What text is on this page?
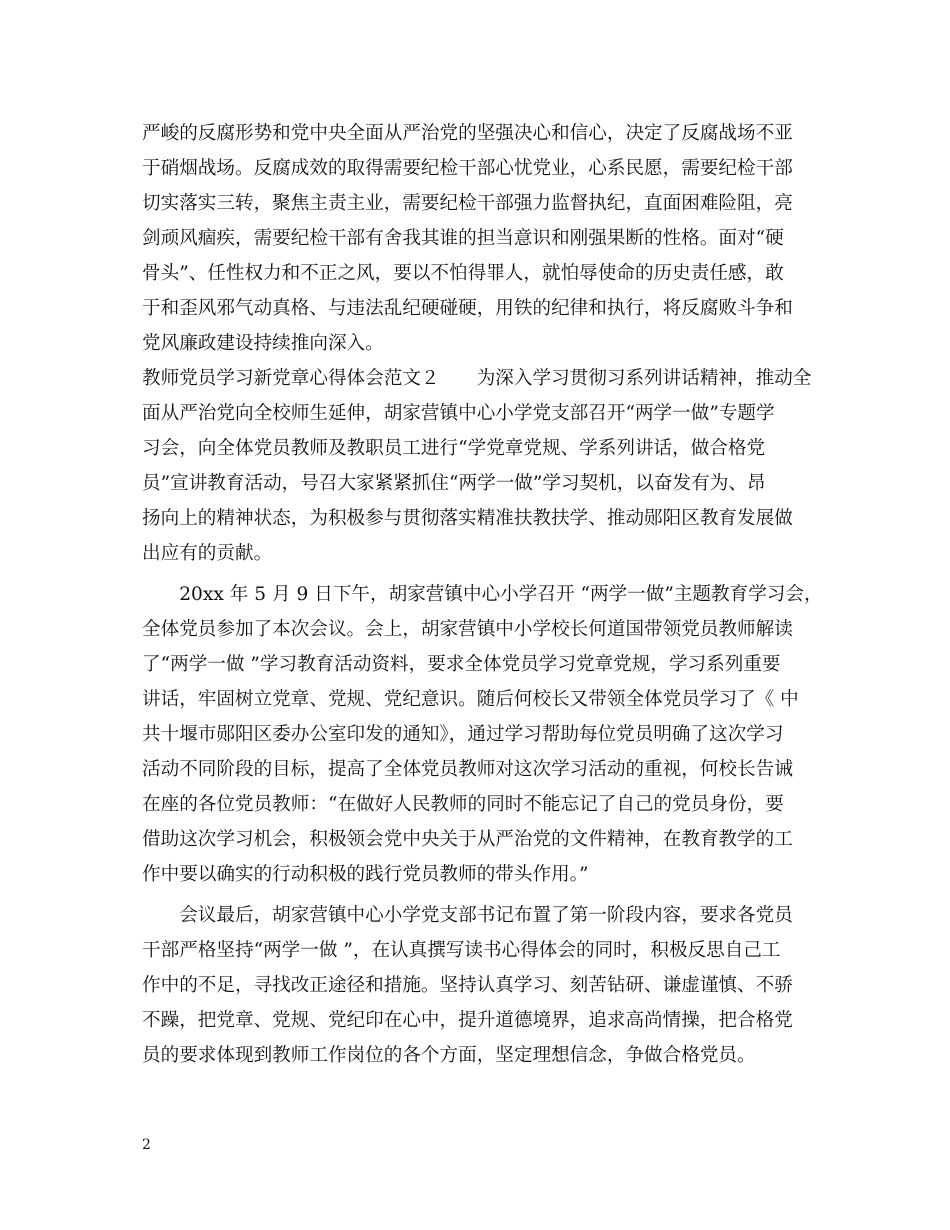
严峻的反腐形势和党中央全面从严治党的坚强决心和信心，决定了反腐战场不亚
于硝烟战场。反腐成效的取得需要纪检干部心忧党业，心系民愿，需要纪检干部
切实落实三转，聚焦主责主业，需要纪检干部强力监督执纪，直面困难险阻，亮
剑顽风痼疾，需要纪检干部有舍我其谁的担当意识和刚强果断的性格。面对“硬
骨头”、任性权力和不正之风，要以不怕得罪人，就怕辱使命的历史责任感，敢
于和歪风邪气动真格、与违法乱纪硬碰硬，用铁的纪律和执行，将反腐败斗争和
党风廉政建设持续推向深入。
教师党员学习新党章心得体会范文２　　为深入学习贯彻习系列讲话精神，推动全
面从严治党向全校师生延伸，胡家营镇中心小学党支部召开“两学一做”专题学
习会，向全体党员教师及教职员工进行“学党章党规、学系列讲话，做合格党
员”宣讲教育活动，号召大家紧紧抓住“两学一做”学习契机，以奋发有为、昂
扬向上的精神状态，为积极参与贯彻落实精准扶教扶学、推动郧阳区教育发展做
出应有的贡献。
　　20xx 年 5 月 9 日下午，胡家营镇中心小学召开 “两学一做”主题教育学习会，
全体党员参加了本次会议。会上，胡家营镇中小学校长何道国带领党员教师解读
了“两学一做 ”学习教育活动资料，要求全体党员学习党章党规，学习系列重要
讲话，牢固树立党章、党规、党纪意识。随后何校长又带领全体党员学习了《 中
共十堰市郧阳区委办公室印发的通知》，通过学习帮助每位党员明确了这次学习
活动不同阶段的目标，提高了全体党员教师对这次学习活动的重视，何校长告诫
在座的各位党员教师：“在做好人民教师的同时不能忘记了自己的党员身份，要
借助这次学习机会，积极领会党中央关于从严治党的文件精神，在教育教学的工
作中要以确实的行动积极的践行党员教师的带头作用。”
　　会议最后，胡家营镇中心小学党支部书记布置了第一阶段内容，要求各党员
干部严格坚持“两学一做 ”，在认真撰写读书心得体会的同时，积极反思自己工
作中的不足，寻找改正途径和措施。坚持认真学习、刻苦钻研、谦虚谨慎、不骄
不躁，把党章、党规、党纪印在心中，提升道德境界，追求高尚情操，把合格党
员的要求体现到教师工作岗位的各个方面，坚定理想信念，争做合格党员。
2
